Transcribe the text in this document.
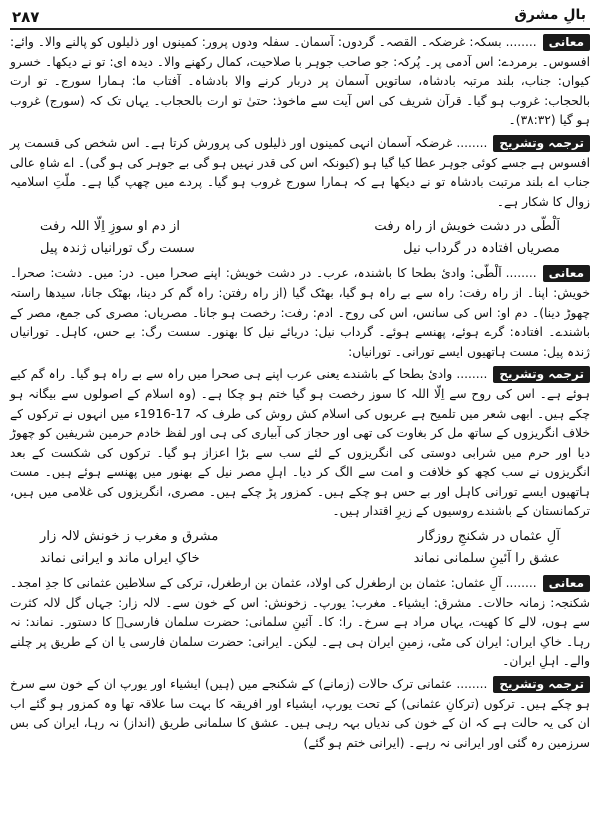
۲۸۷	بالِ مشرق

معانی........بسکہ: غرضکہ۔ القصہ۔ گردوں: آسمان۔ سفلہ ودوں پرور: کمینوں اور ذلیلوں کو پالنے والا۔ وائے: افسوس۔ برمردے: اس آدمی پر۔ پُرکہ: جو صاحب جوہر با صلاحیت، کمال رکھنے والا۔ دیدہ ای: تو نے دیکھا۔ خسرو کیواں: جناب، بلند مرتبہ بادشاہ، ساتویں آسمان پر دربار کرنے والا بادشاہ۔ آفتاب ما: ہمارا سورج۔ تو ارت بالحجاب: غروب ہو گیا۔ قرآن شریف کی اس آیت سے ماخوذ: حتیٰ تو ارت بالحجاب۔ یہاں تک کہ (سورج) غروب ہو گیا (۳۸:۳۲)۔

ترجمہ وتشریح........غرضکہ آسمان انہی کمینوں اور ذلیلوں کی پرورش کرتا ہے۔ اس شخص کی قسمت پر افسوس ہے جسے کوئی جوہر عطا کیا گیا ہو (کیونکہ اس کی قدر نہیں ہو گی بے جوہر کی ہو گی)۔ اے شاہِ عالی جناب اے بلند مرتبت بادشاہ تو نے دیکھا ہے کہ ہمارا سورج غروب ہو گیا۔ پردے میں چھپ گیا ہے۔ ملّتِ اسلامیہ زوال کا شکار ہے۔

اَلْطّی در دشت خویش از راہ رفت
از دم او سوزِ اِلّا اللہ رفت
مصریاں افتادہ در گرداب نیل
سست رگ تورانیاں ژندہ پیل

معانی........اَلْطّی: وادیٔ بطحا کا باشندہ، عرب۔ در دشت خویش: اپنے صحرا میں۔ در: میں۔ دشت: صحرا۔ خویش: اپنا۔ از راہ رفت: راہ سے بے راہ ہو گیا، بھٹک گیا (از راہ رفتن: راہ گم کر دینا، بھٹک جانا، سیدھا راستہ چھوڑ دینا)۔ دم او: اس کی سانس، اس کی روح۔ ادم: رفت: رخصت ہو جانا۔ مصریاں: مصری کی جمع، مصر کے باشندے۔ افتادہ: گرے ہوئے، پھنسے ہوئے۔ گرداب نیل: دریائے نیل کا بھنور۔ سست رگ: بے حس، کاہل۔ تورانیاں ژندہ پیل: مست ہاتھیوں ایسے تورانی۔ تورانیاں:

ترجمہ وتشریح........وادیٔ بطحا کے باشندے یعنی عرب اپنے ہی صحرا میں راہ سے بے راہ ہو گیا۔ راہ گم کیے ہوئے ہے۔ اس کی روح سے اِلّا اللہ کا سوز رخصت ہو گیا ختم ہو چکا ہے۔ (وہ اسلام کے اصولوں سے بیگانہ ہو چکے ہیں۔ ابھی شعر میں تلمیح ہے عربوں کی اسلام کش روش کی طرف کہ 17-1916ء میں انہوں نے ترکوں کے خلاف انگریزوں کے ساتھ مل کر بغاوت کی تھی اور حجاز کی آبیاری کی ہی اور لفظ خادم حرمین شریفین کو چھوڑ دیا اور حرم میں شرابی دوستی کی انگریزوں کے لئے سب سے بڑا اعزاز ہو گیا۔ ترکوں کی شکست کے بعد انگریزوں نے سب کچھ کو خلافت و امت سے الگ کر دیا۔ اہلِ مصر نیل کے بھنور میں پھنسے ہوئے ہیں۔ مست ہاتھیوں ایسے تورانی کاہل اور بے حس ہو چکے ہیں۔ کمزور پڑ چکے ہیں۔ مصری، انگریزوں کی غلامی میں ہیں، ترکمانستان کے باشندے روسیوں کے زیرِ اقتدار ہیں۔

آلِ عثماں در شکنجِ روزگار
مشرق و مغرب ز خونش لالہ زار
عشق را آئینِ سلمانی نماند
خاکِ ایراں ماند و ایرانی نماند

معانی........آلِ عثماں: عثمان بن ارطغرل کی اولاد، عثمان بن ارطغرل، ترکی کے سلاطین عثمانی کا جدِ امجد۔ شکنجہ: زمانہ حالات۔ مشرق: ایشیاء۔ مغرب: یورپ۔ زخونش: اس کے خون سے۔ لالہ زار: جہاں گل لالہ کثرت سے ہوں، لالے کا کھیت، یہاں مراد ہے سرخ۔ را: کا۔ آئینِ سلمانی: حضرت سلمان فارسیؓ کا دستور۔ نماند: نہ رہا۔ خاکِ ایراں: ایران کی مٹی، زمینِ ایران ہی ہے۔ لیکن۔ ایرانی: حضرت سلمان فارسی یا ان کے طریق پر چلنے والے۔ اہلِ ایران۔

ترجمہ وتشریح........عثمانی ترک حالات (زمانے) کے شکنجے میں (ہیں) ایشیاء اور یورپ ان کے خون سے سرخ ہو چکے ہیں۔ ترکوں (ترکانِ عثمانی) کے تحت یورپ، ایشیاء اور افریقہ کا بہت سا علاقہ تھا وہ کمزور ہو گئے اب ان کی یہ حالت ہے کہ ان کے خون کی ندیاں بہہ رہی ہیں۔ عشق کا سلمانی طریق (انداز) نہ رہا، ایران کی بس سرزمین رہ گئی اور ایرانی نہ رہے۔ (ایرانی ختم ہو گئے)
